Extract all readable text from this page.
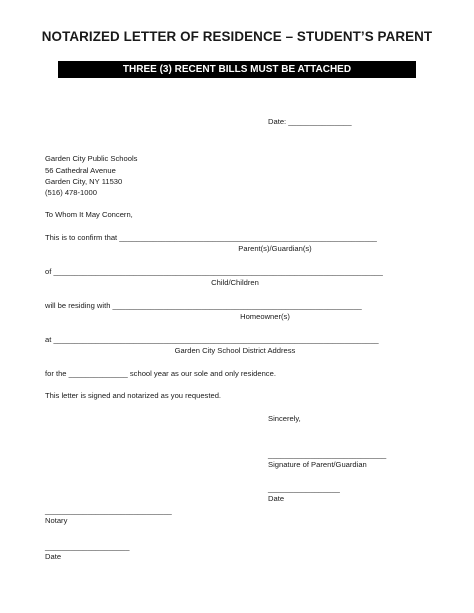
NOTARIZED LETTER OF RESIDENCE – STUDENT’S PARENT
THREE (3) RECENT BILLS MUST BE ATTACHED
Date: _______________
Garden City Public Schools
56 Cathedral Avenue
Garden City, NY 11530
(516) 478-1000
To Whom It May Concern,
This is to confirm that _____________________________________________________________
Parent(s)/Guardian(s)
of ______________________________________________________________________________
Child/Children
will be residing with ___________________________________________________________
Homeowner(s)
at _____________________________________________________________________________
Garden City School District Address
for the ______________ school year as our sole and only residence.
This letter is signed and notarized as you requested.
Sincerely,
____________________________
Signature of Parent/Guardian
_________________
Date
______________________________
Notary
____________________
Date
